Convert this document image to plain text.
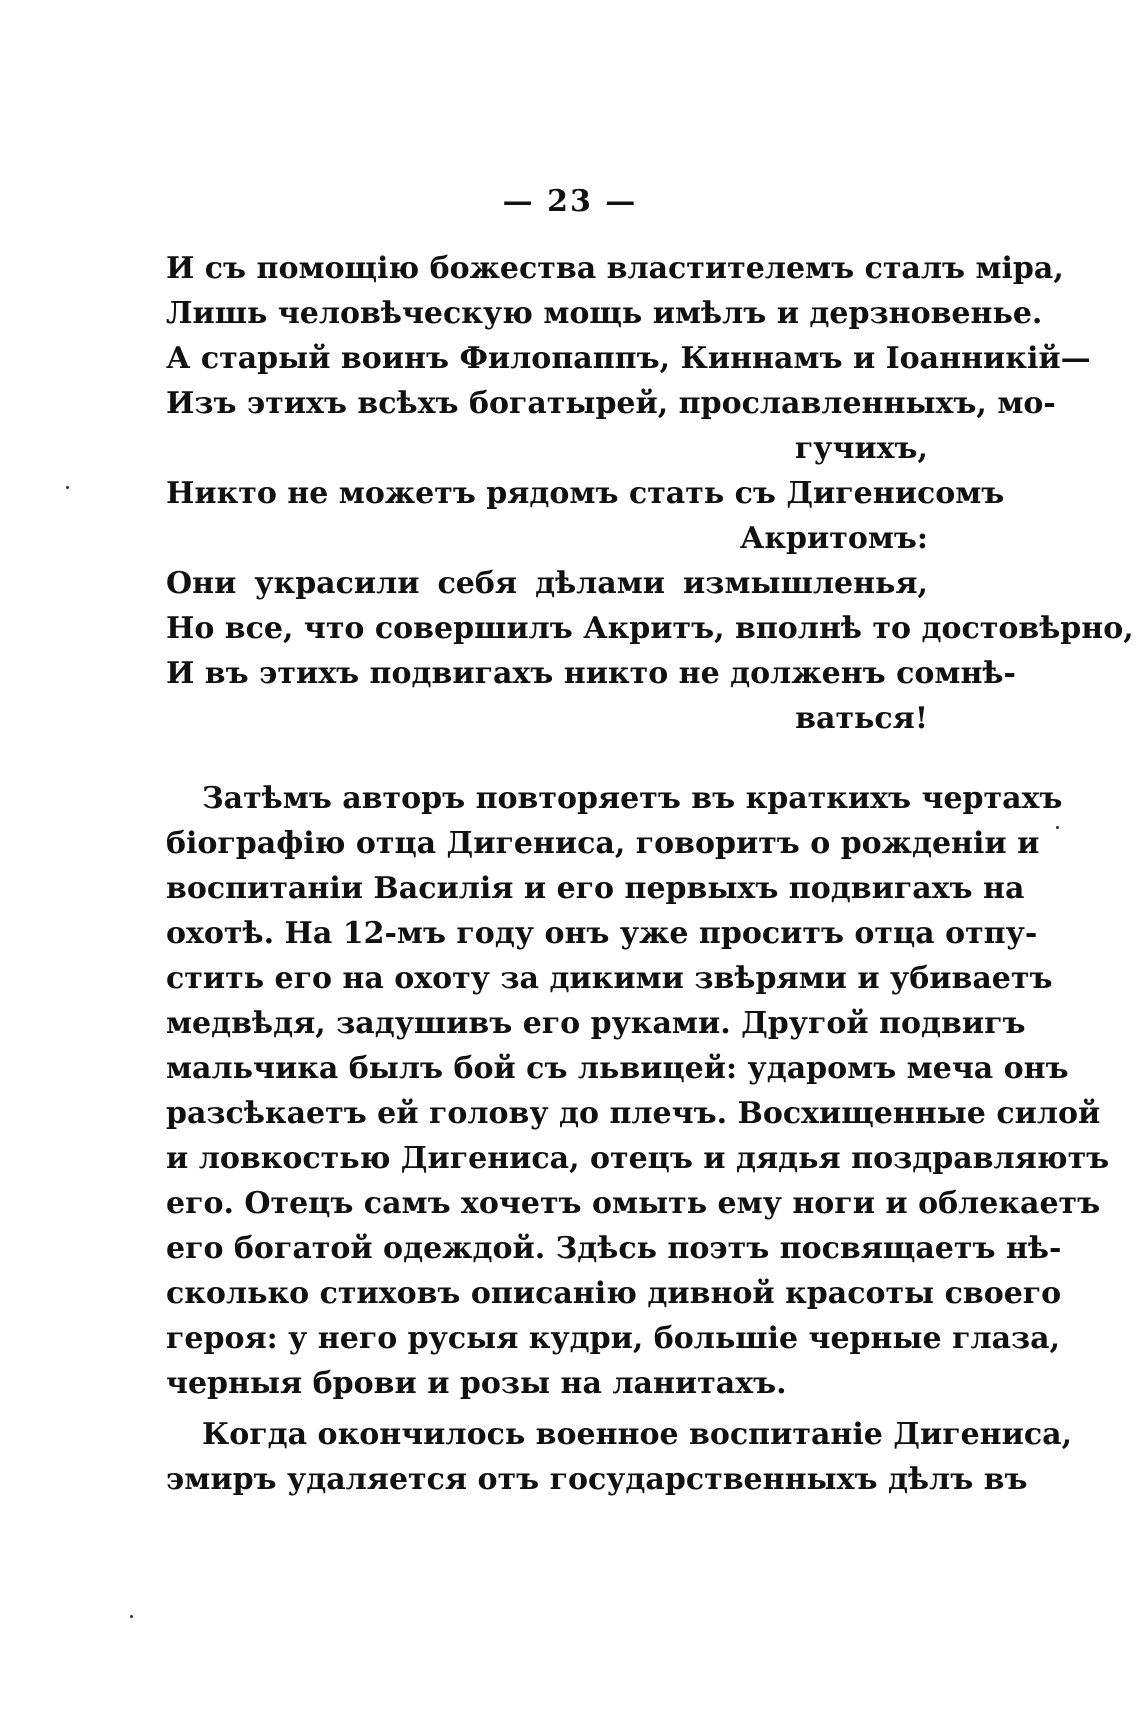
— 23 —
И съ помощію божества властителемъ сталъ міра,
Лишь человѣческую мощь имѣлъ и дерзновенье.
А старый воинъ Филопаппъ, Киннамъ и Іоанникій—
Изъ этихъ всѣхъ богатырей, прославленныхъ, мо-
гучихъ,
Никто не можетъ рядомъ стать съ Дигенисомъ
Акритомъ:
Они украсили себя дѣлами измышленья,
Но все, что совершилъ Акритъ, вполнѣ то достовѣрно,
И въ этихъ подвигахъ никто не долженъ сомнѣ-
ваться!
Затѣмъ авторъ повторяетъ въ краткихъ чертахъ
біографію отца Дигениса, говоритъ о рожденіи и
воспитаніи Василія и его первыхъ подвигахъ на
охотѣ. На 12-мъ году онъ уже проситъ отца отпу-
стить его на охоту за дикими звѣрями и убиваетъ
медвѣдя, задушивъ его руками. Другой подвигъ
мальчика былъ бой съ львицей: ударомъ меча онъ
разсѣкаетъ ей голову до плечъ. Восхищенные силой
и ловкостью Дигениса, отецъ и дядья поздравляютъ
его. Отецъ самъ хочетъ омыть ему ноги и облекаетъ
его богатой одеждой. Здѣсь поэтъ посвящаетъ нѣ-
сколько стиховъ описанію дивной красоты своего
героя: у него русыя кудри, большіе черные глаза,
черныя брови и розы на ланитахъ.
Когда окончилось военное воспитаніе Дигениса,
эмиръ удаляется отъ государственныхъ дѣлъ въ
